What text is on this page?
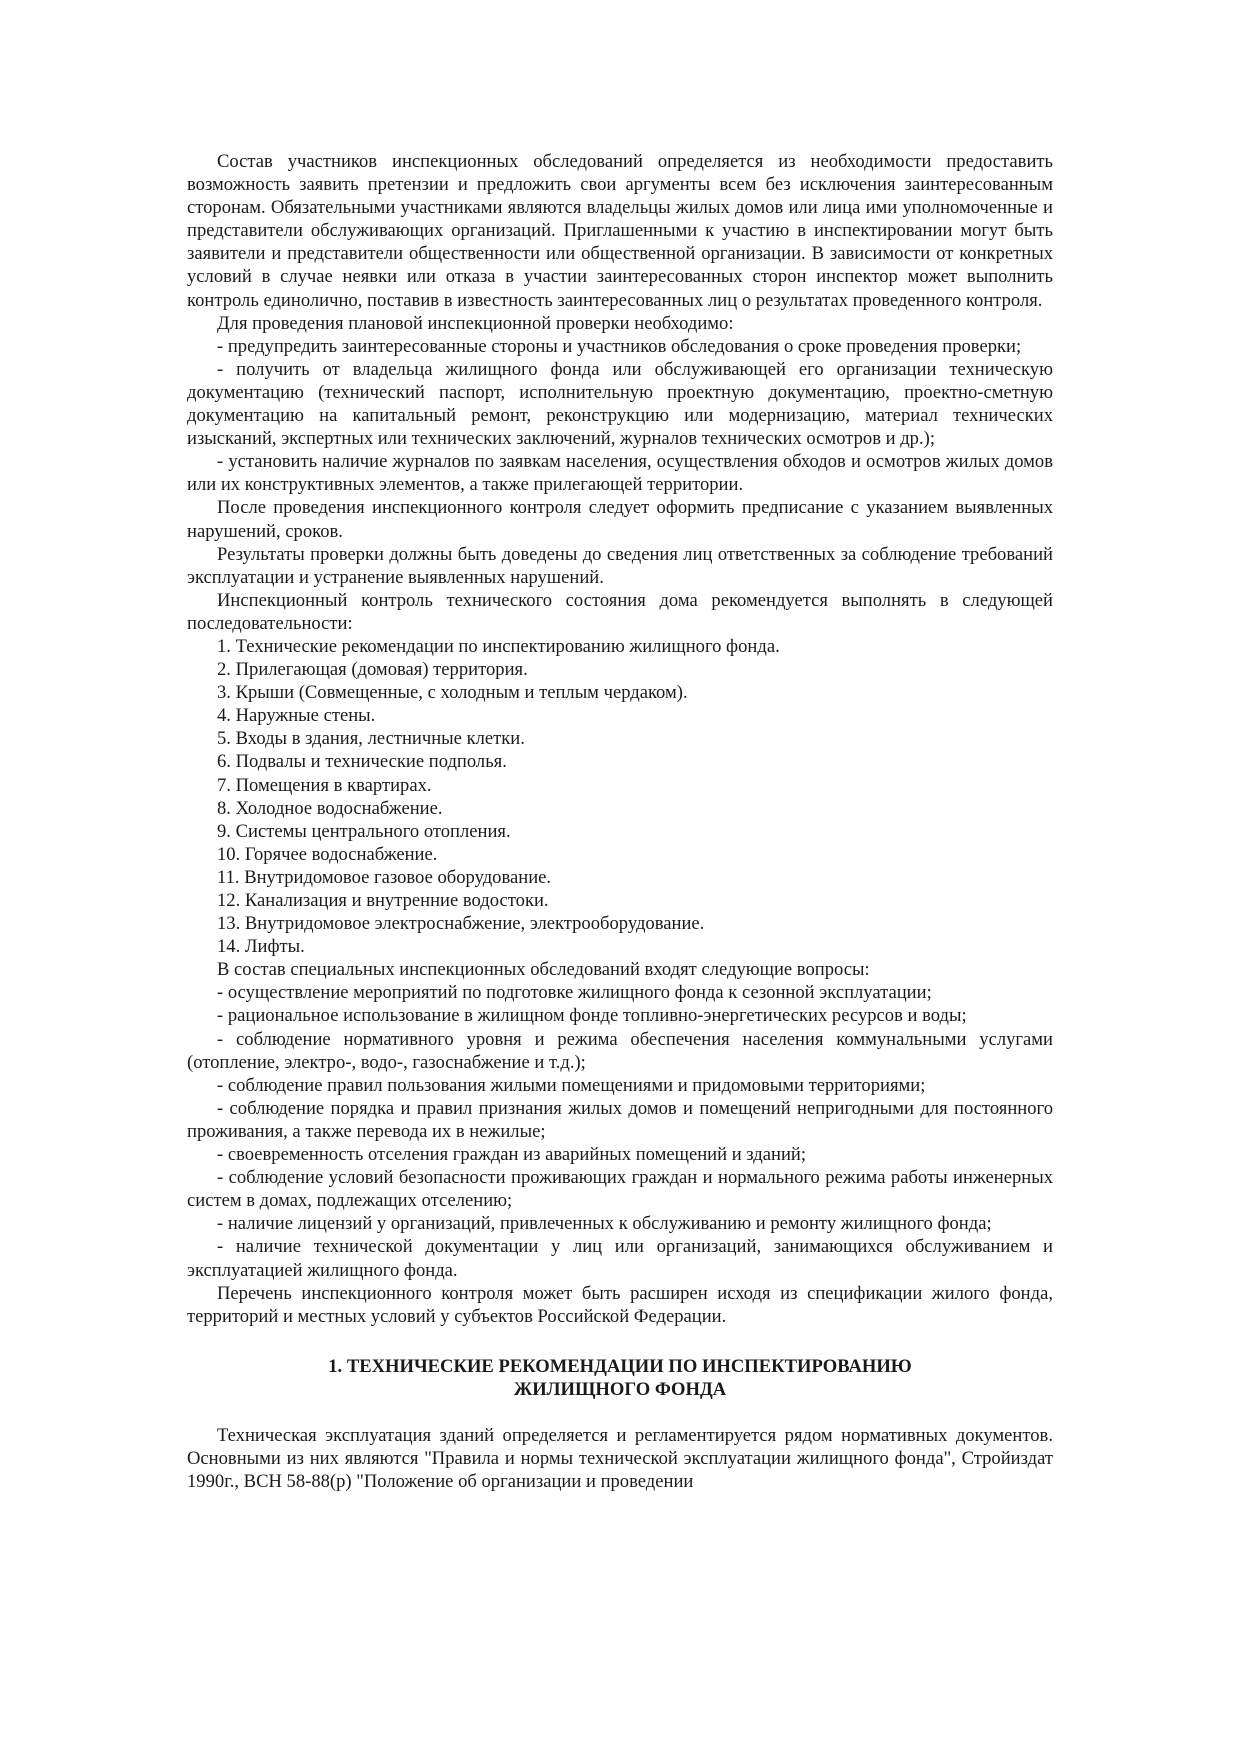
Состав участников инспекционных обследований определяется из необходимости предоставить возможность заявить претензии и предложить свои аргументы всем без исключения заинтересованным сторонам. Обязательными участниками являются владельцы жилых домов или лица ими уполномоченные и представители обслуживающих организаций. Приглашенными к участию в инспектировании могут быть заявители и представители общественности или общественной организации. В зависимости от конкретных условий в случае неявки или отказа в участии заинтересованных сторон инспектор может выполнить контроль единолично, поставив в известность заинтересованных лиц о результатах проведенного контроля.

Для проведения плановой инспекционной проверки необходимо:

- предупредить заинтересованные стороны и участников обследования о сроке проведения проверки;

- получить от владельца жилищного фонда или обслуживающей его организации техническую документацию (технический паспорт, исполнительную проектную документацию, проектно-сметную документацию на капитальный ремонт, реконструкцию или модернизацию, материал технических изысканий, экспертных или технических заключений, журналов технических осмотров и др.);

- установить наличие журналов по заявкам населения, осуществления обходов и осмотров жилых домов или их конструктивных элементов, а также прилегающей территории.

После проведения инспекционного контроля следует оформить предписание с указанием выявленных нарушений, сроков.

Результаты проверки должны быть доведены до сведения лиц ответственных за соблюдение требований эксплуатации и устранение выявленных нарушений.

Инспекционный контроль технического состояния дома рекомендуется выполнять в следующей последовательности:

1. Технические рекомендации по инспектированию жилищного фонда.

2. Прилегающая (домовая) территория.

3. Крыши (Совмещенные, с холодным и теплым чердаком).

4. Наружные стены.

5. Входы в здания, лестничные клетки.

6. Подвалы и технические подполья.

7. Помещения в квартирах.

8. Холодное водоснабжение.

9. Системы центрального отопления.

10. Горячее водоснабжение.

11. Внутридомовое газовое оборудование.

12. Канализация и внутренние водостоки.

13. Внутридомовое электроснабжение, электрооборудование.

14. Лифты.

В состав специальных инспекционных обследований входят следующие вопросы:

- осуществление мероприятий по подготовке жилищного фонда к сезонной эксплуатации;

- рациональное использование в жилищном фонде топливно-энергетических ресурсов и воды;

- соблюдение нормативного уровня и режима обеспечения населения коммунальными услугами (отопление, электро-, водо-, газоснабжение и т.д.);

- соблюдение правил пользования жилыми помещениями и придомовыми территориями;

- соблюдение порядка и правил признания жилых домов и помещений непригодными для постоянного проживания, а также перевода их в нежилые;

- своевременность отселения граждан из аварийных помещений и зданий;

- соблюдение условий безопасности проживающих граждан и нормального режима работы инженерных систем в домах, подлежащих отселению;

- наличие лицензий у организаций, привлеченных к обслуживанию и ремонту жилищного фонда;

- наличие технической документации у лиц или организаций, занимающихся обслуживанием и эксплуатацией жилищного фонда.

Перечень инспекционного контроля может быть расширен исходя из спецификации жилого фонда, территорий и местных условий у субъектов Российской Федерации.

1. ТЕХНИЧЕСКИЕ РЕКОМЕНДАЦИИ ПО ИНСПЕКТИРОВАНИЮ
ЖИЛИЩНОГО ФОНДА

Техническая эксплуатация зданий определяется и регламентируется рядом нормативных документов. Основными из них являются "Правила и нормы технической эксплуатации жилищного фонда", Стройиздат 1990г., ВСН 58-88(р) "Положение об организации и проведении
